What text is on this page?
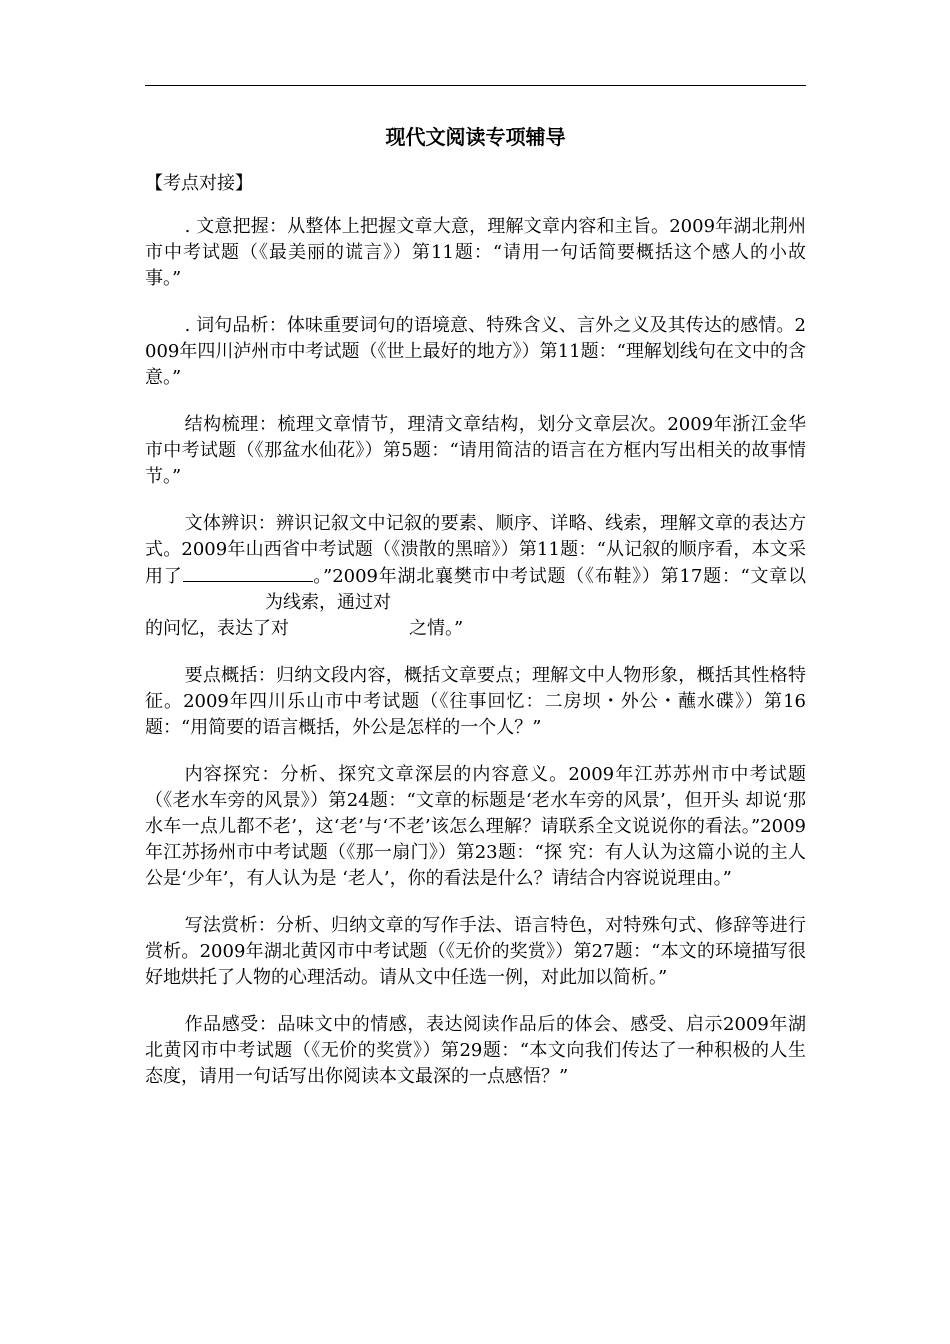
现代文阅读专项辅导
【考点对接】

. 文意把握：从整体上把握文章大意，理解文章内容和主旨。2009年湖北荆州市中考试题（《最美丽的谎言》）第11题：“请用一句话简要概括这个感人的小故事。”

. 词句品析：体味重要词句的语境意、特殊含义、言外之义及其传达的感情。2009年四川泸州市中考试题（《世上最好的地方》）第11题：“理解划线句在文中的含意。”

结构梳理：梳理文章情节，理清文章结构，划分文章层次。2009年浙江金华市中考试题（《那盆水仙花》）第5题：“请用简洁的语言在方框内写出相关的故事情节。”

文体辨识：辨识记叙文中记叙的要素、顺序、详略、线索，理解文章的表达方式。2009年山西省中考试题（《溃散的黑暗》）第11题：“从记叙的顺序看，本文采用了	。”2009年湖北襄樊市中考试题（《布鞋》）第17题：“文章以为线索，通过对
的问忆，表达了对	之情。”

要点概括：归纳文段内容，概括文章要点；理解文中人物形象，概括其性格特征。2009年四川乐山市中考试题（《往事回忆：二房坝・外公・蘸水碟》）第16题：“用简要的语言概括，外公是怎样的一个人？”

内容探究：分析、探究文章深层的内容意义。2009年江苏苏州市中考试题（《老水车旁的风景》）第24题：“文章的标题是‘老水车旁的风景’，但开头 却说‘那水车一点儿都不老’，这‘老’与‘不老’该怎么理解？请联系全文说说你的看法。”2009年江苏扬州市中考试题（《那一扇门》）第23题：“探 究：有人认为这篇小说的主人公是‘少年’，有人认为是 ‘老人’，你的看法是什么？请结合内容说说理由。”

写法赏析：分析、归纳文章的写作手法、语言特色，对特殊句式、修辞等进行赏析。2009年湖北黄冈市中考试题（《无价的奖赏》）第27题：“本文的环境描写很好地烘托了人物的心理活动。请从文中任选一例，对此加以简析。”

作品感受：品味文中的情感，表达阅读作品后的体会、感受、启示2009年湖北黄冈市中考试题（《无价的奖赏》）第29题：“本文向我们传达了一种积极的人生态度，请用一句话写出你阅读本文最深的一点感悟？”
